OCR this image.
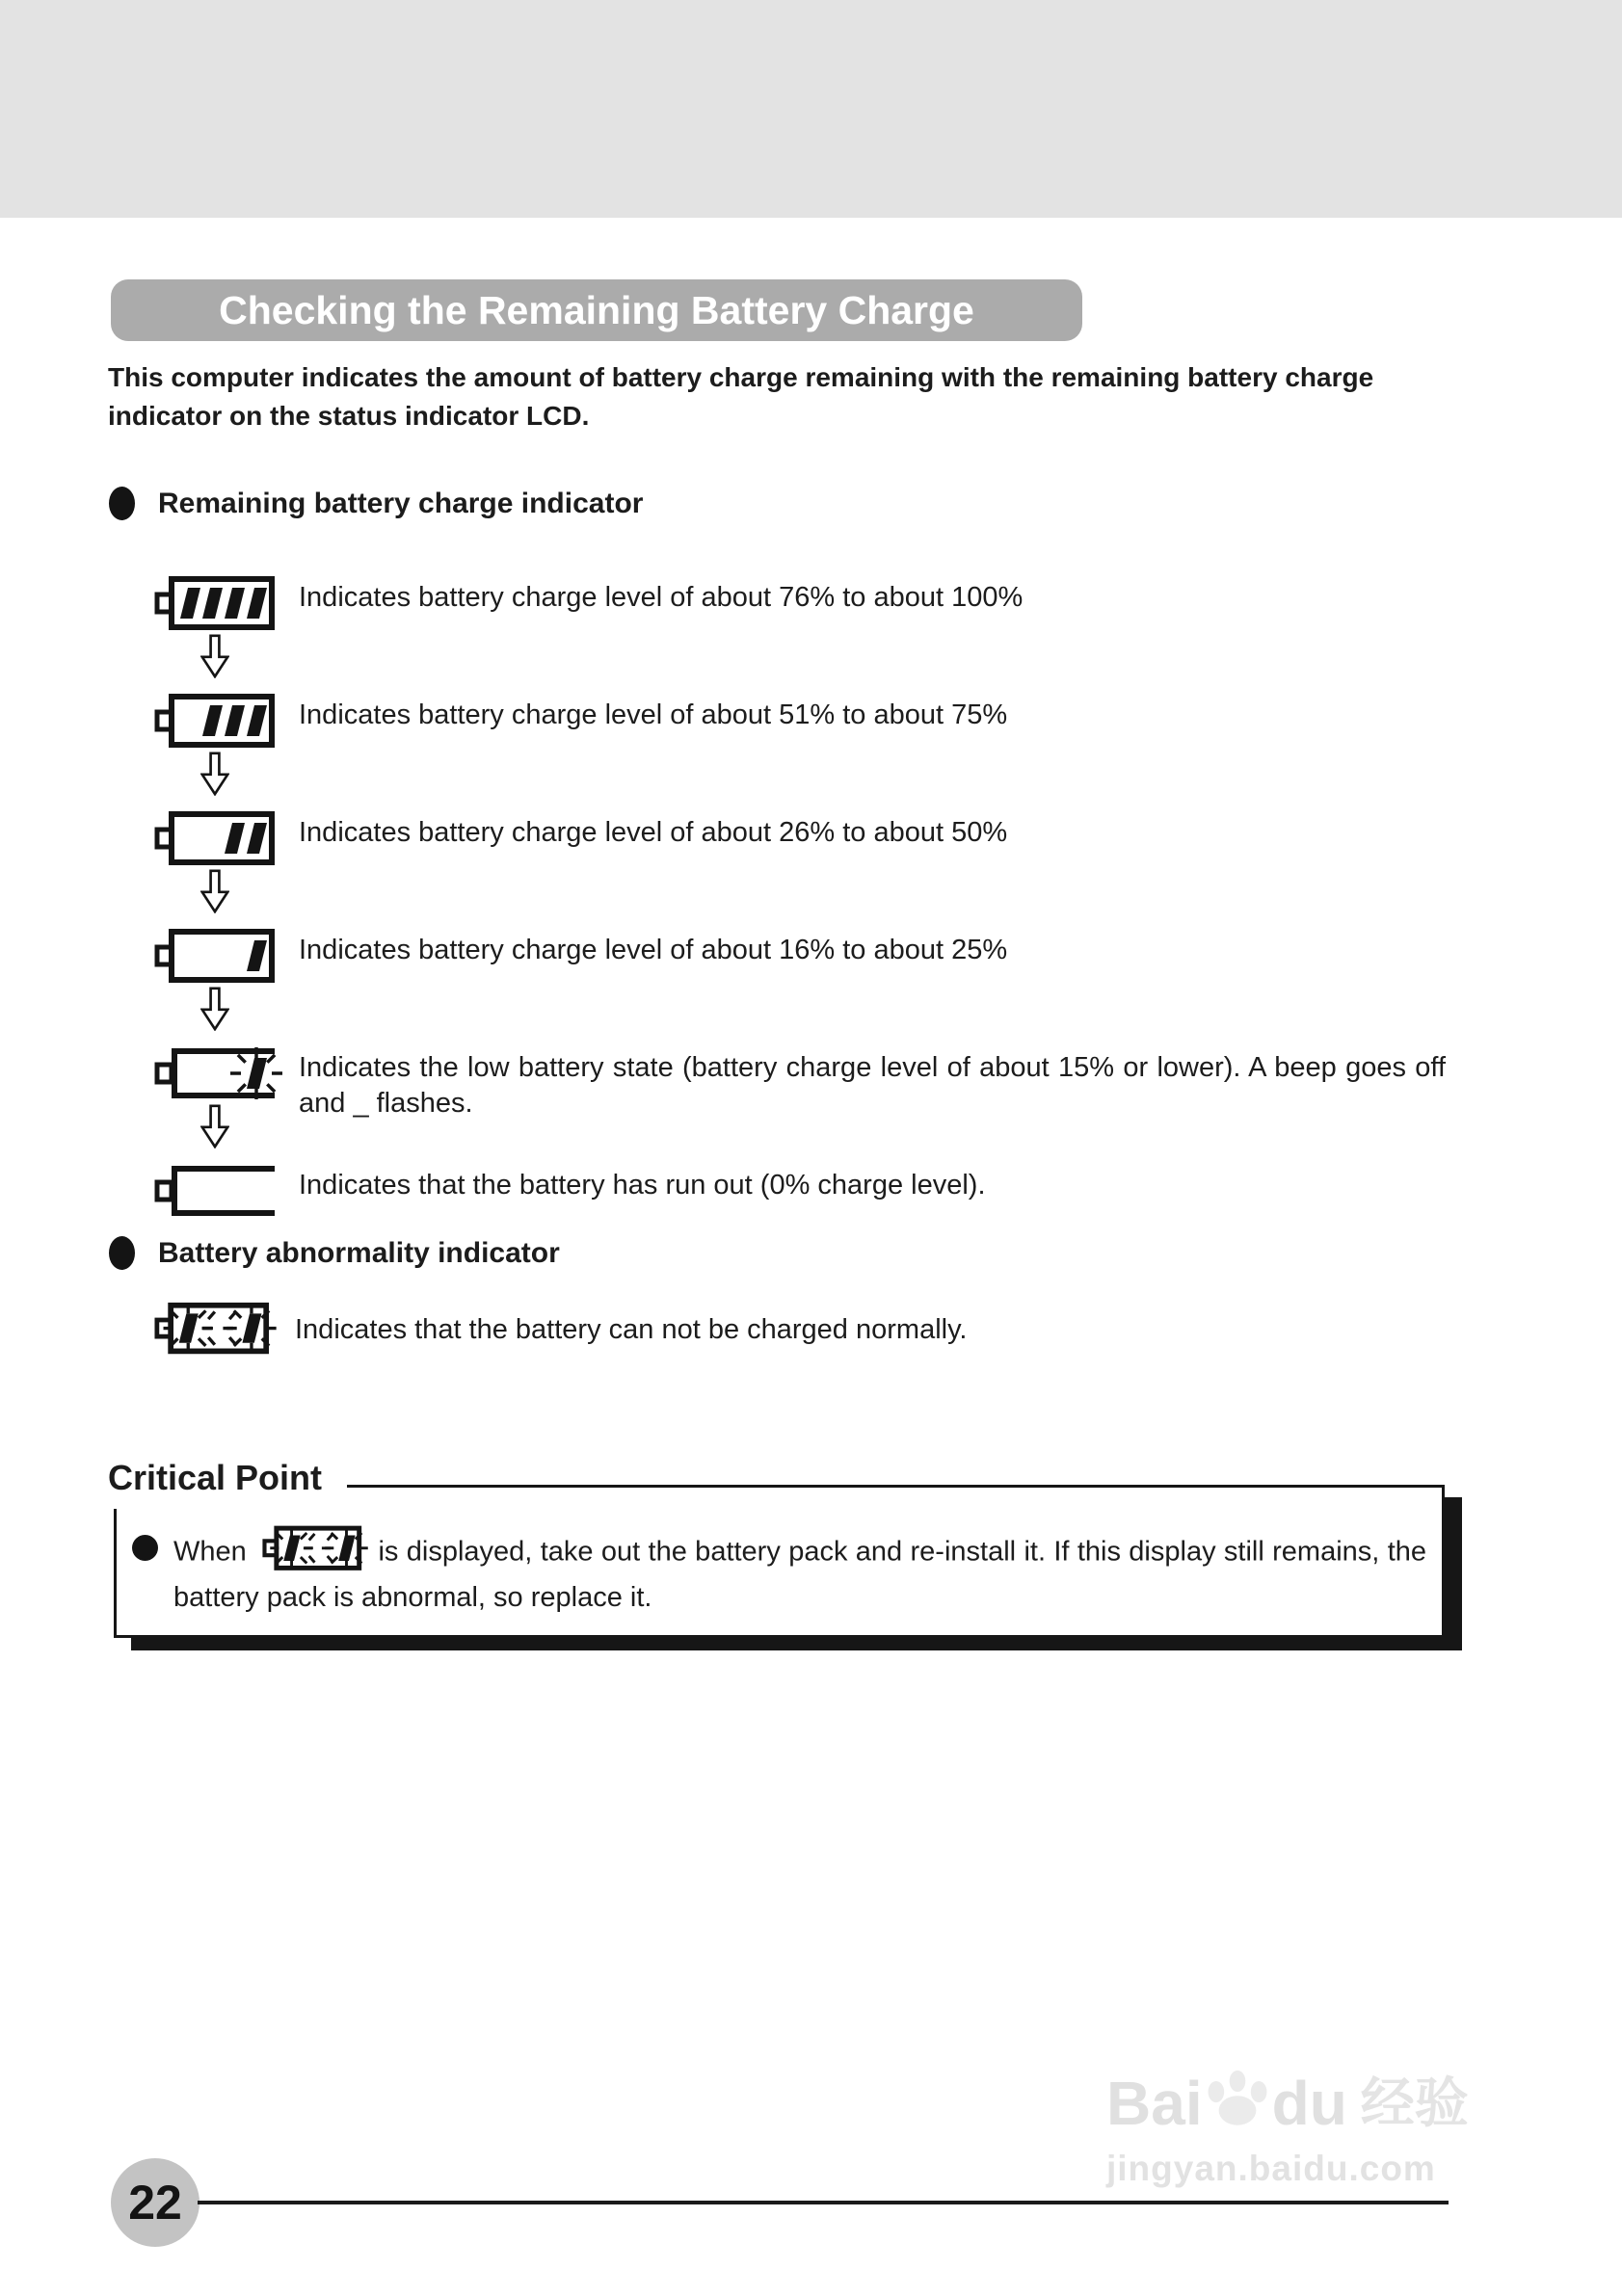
Checking the Remaining Battery Charge

This computer indicates the amount of battery charge remaining with the remaining battery charge indicator on the status indicator LCD.

Remaining battery charge indicator

Indicates battery charge level of about 76% to about 100%

Indicates battery charge level of about 51% to about 75%

Indicates battery charge level of about 26% to about 50%

Indicates battery charge level of about 16% to about 25%

Indicates the low battery state (battery charge level of about 15% or lower). A beep goes off and _ flashes.

Indicates that the battery has run out (0% charge level).

Battery abnormality indicator

Indicates that the battery can not be charged normally.

Critical Point

When	is displayed, take out the battery pack and re-install it. If this display still remains, the battery pack is abnormal, so replace it.

22
Bai du 经验
jingyan.baidu.com
